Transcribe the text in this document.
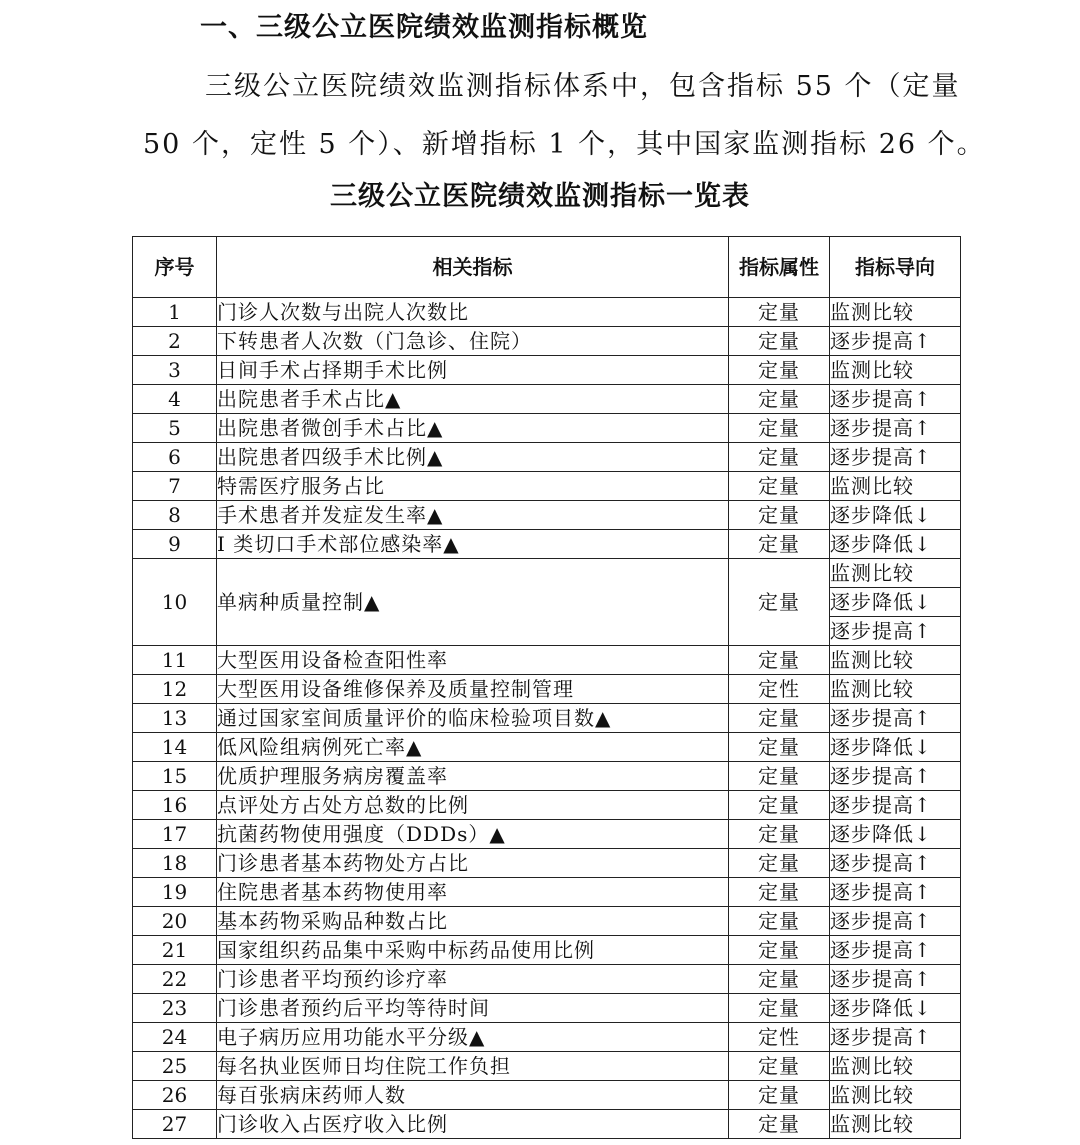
一、三级公立医院绩效监测指标概览
三级公立医院绩效监测指标体系中，包含指标 55 个（定量
50 个，定性 5 个）、新增指标 1 个，其中国家监测指标 26 个。
三级公立医院绩效监测指标一览表
序号	相关指标	指标属性	指标导向
1	门诊人次数与出院人次数比	定量	监测比较
2	下转患者人次数（门急诊、住院）	定量	逐步提高↑
3	日间手术占择期手术比例	定量	监测比较
4	出院患者手术占比▲	定量	逐步提高↑
5	出院患者微创手术占比▲	定量	逐步提高↑
6	出院患者四级手术比例▲	定量	逐步提高↑
7	特需医疗服务占比	定量	监测比较
8	手术患者并发症发生率▲	定量	逐步降低↓
9	I 类切口手术部位感染率▲	定量	逐步降低↓
10	单病种质量控制▲	定量	监测比较
			逐步降低↓
			逐步提高↑
11	大型医用设备检查阳性率	定量	监测比较
12	大型医用设备维修保养及质量控制管理	定性	监测比较
13	通过国家室间质量评价的临床检验项目数▲	定量	逐步提高↑
14	低风险组病例死亡率▲	定量	逐步降低↓
15	优质护理服务病房覆盖率	定量	逐步提高↑
16	点评处方占处方总数的比例	定量	逐步提高↑
17	抗菌药物使用强度（DDDs）▲	定量	逐步降低↓
18	门诊患者基本药物处方占比	定量	逐步提高↑
19	住院患者基本药物使用率	定量	逐步提高↑
20	基本药物采购品种数占比	定量	逐步提高↑
21	国家组织药品集中采购中标药品使用比例	定量	逐步提高↑
22	门诊患者平均预约诊疗率	定量	逐步提高↑
23	门诊患者预约后平均等待时间	定量	逐步降低↓
24	电子病历应用功能水平分级▲	定性	逐步提高↑
25	每名执业医师日均住院工作负担	定量	监测比较
26	每百张病床药师人数	定量	监测比较
27	门诊收入占医疗收入比例	定量	监测比较
